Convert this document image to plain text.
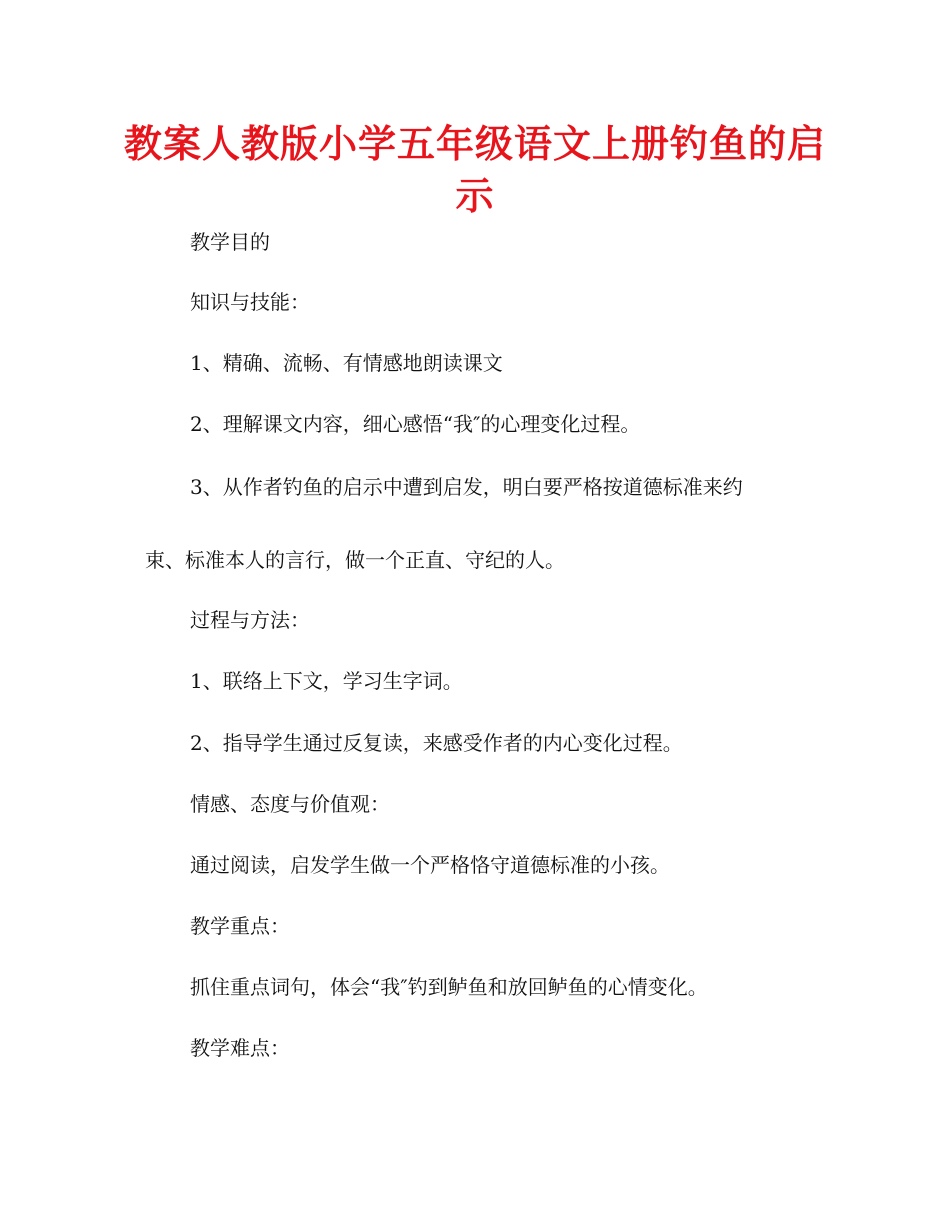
教案人教版小学五年级语文上册钓鱼的启示
教学目的
知识与技能：
1、精确、流畅、有情感地朗读课文
2、理解课文内容，细心感悟“我″的心理变化过程。
3、从作者钓鱼的启示中遭到启发，明白要严格按道德标准来约
束、标准本人的言行，做一个正直、守纪的人。
过程与方法：
1、联络上下文，学习生字词。
2、指导学生通过反复读，来感受作者的内心变化过程。
情感、态度与价值观：
通过阅读，启发学生做一个严格恪守道德标准的小孩。
教学重点：
抓住重点词句，体会“我″钓到鲈鱼和放回鲈鱼的心情变化。
教学难点：
